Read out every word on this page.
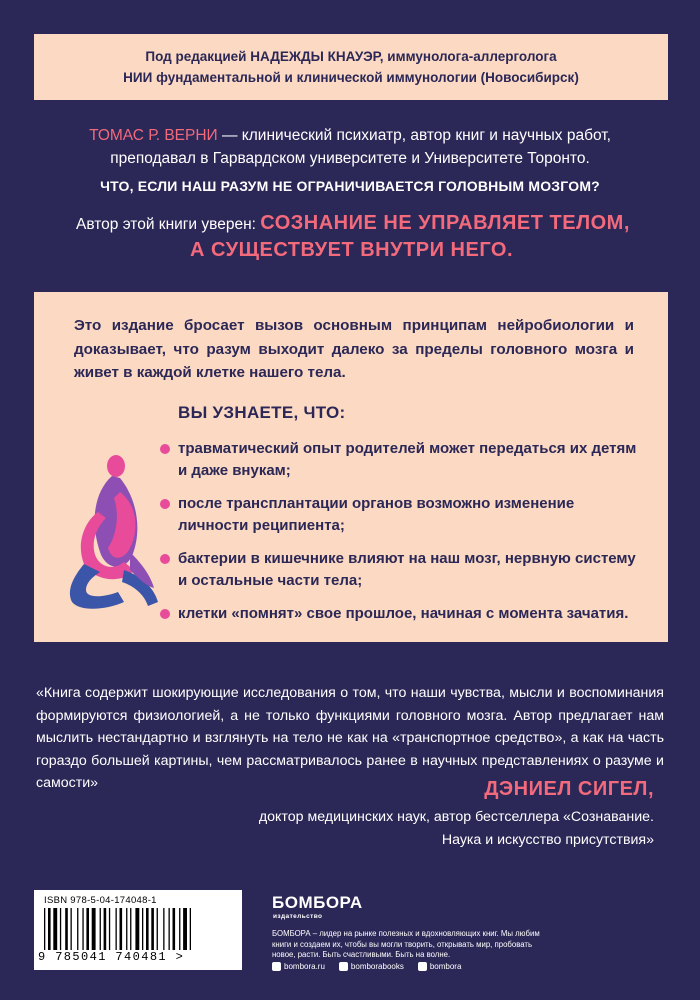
Под редакцией НАДЕЖДЫ КНАУЭР, иммунолога-аллерголога
НИИ фундаментальной и клинической иммунологии (Новосибирск)
ТОМАС Р. ВЕРНИ — клинический психиатр, автор книг и научных работ,
преподавал в Гарвардском университете и Университете Торонто.
ЧТО, ЕСЛИ НАШ РАЗУМ НЕ ОГРАНИЧИВАЕТСЯ ГОЛОВНЫМ МОЗГОМ?
Автор этой книги уверен: СОЗНАНИЕ НЕ УПРАВЛЯЕТ ТЕЛОМ,
А СУЩЕСТВУЕТ ВНУТРИ НЕГО.
Это издание бросает вызов основным принципам нейробиологии и доказывает, что разум выходит далеко за пределы головного мозга и живет в каждой клетке нашего тела.
ВЫ УЗНАЕТЕ, ЧТО:
травматический опыт родителей может передаться их детям и даже внукам;
после трансплантации органов возможно изменение личности реципиента;
бактерии в кишечнике влияют на наш мозг, нервную систему и остальные части тела;
клетки «помнят» свое прошлое, начиная с момента зачатия.
«Книга содержит шокирующие исследования о том, что наши чувства, мысли и воспоминания формируются физиологией, а не только функциями головного мозга. Автор предлагает нам мыслить нестандартно и взглянуть на тело не как на «транспортное средство», а как на часть гораздо большей картины, чем рассматривалось ранее в научных представлениях о разуме и самости»	ДЭНИЕЛ СИГЕЛ,
доктор медицинских наук, автор бестселлера «Сознавание.
Наука и искусство присутствия»
ISBN 978-5-04-174048-1
9 785041 740481 >
БОМБОРА
издательство
БОМБОРА – лидер на рынке полезных и вдохновляющих книг. Мы любим книги и создаем их, чтобы вы могли творить, открывать мир, пробовать новое, расти. Быть счастливыми. Быть на волне.
bombora.ru	bomborabooks	bombora
